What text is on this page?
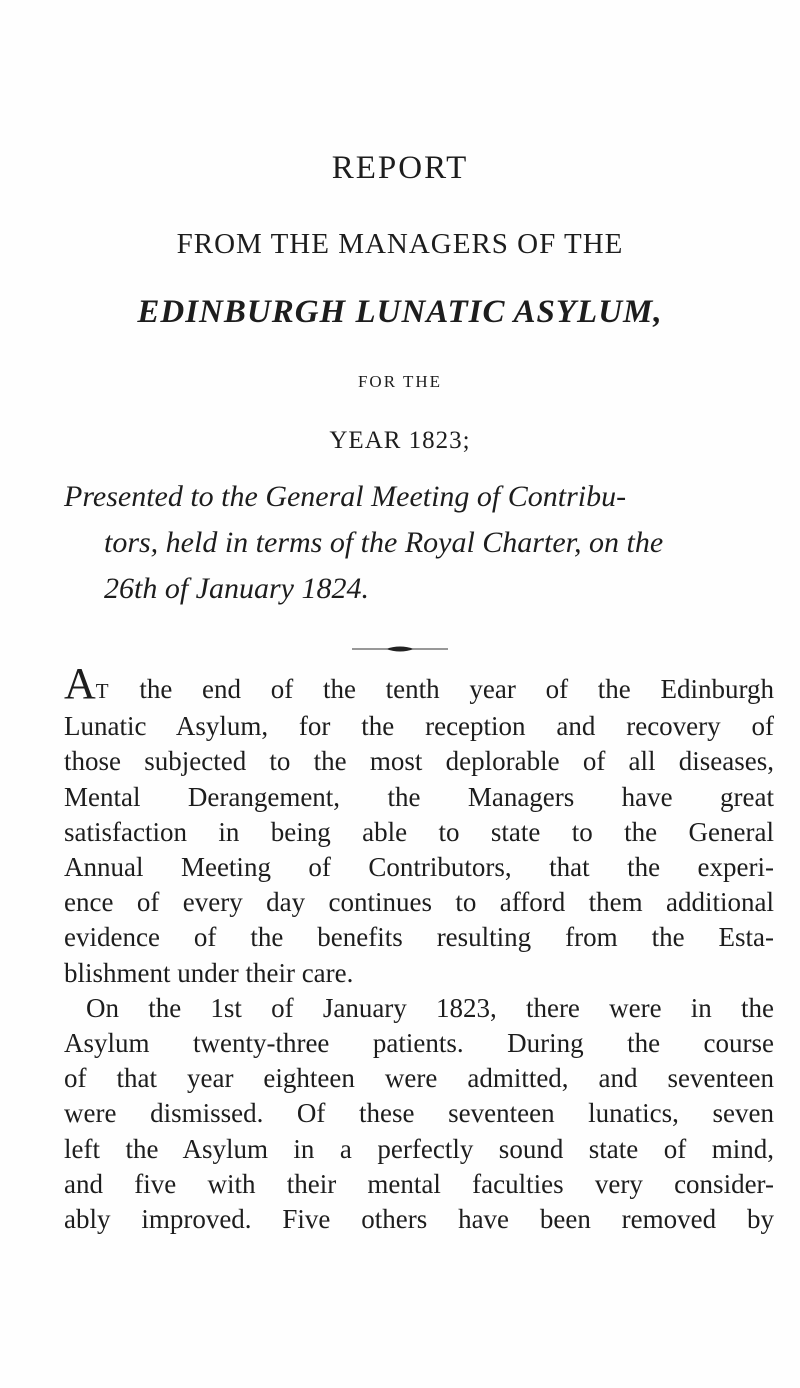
REPORT
FROM THE MANAGERS OF THE
EDINBURGH LUNATIC ASYLUM,
FOR THE
YEAR 1823;
Presented to the General Meeting of Contribu-
tors, held in terms of the Royal Charter, on the
26th of January 1824.
AT the end of the tenth year of the Edinburgh
Lunatic Asylum, for the reception and recovery of
those subjected to the most deplorable of all diseases,
Mental Derangement, the Managers have great
satisfaction in being able to state to the General
Annual Meeting of Contributors, that the experi-
ence of every day continues to afford them additional
evidence of the benefits resulting from the Esta-
blishment under their care.
On the 1st of January 1823, there were in the
Asylum twenty-three patients. During the course
of that year eighteen were admitted, and seventeen
were dismissed. Of these seventeen lunatics, seven
left the Asylum in a perfectly sound state of mind,
and five with their mental faculties very consider-
ably improved. Five others have been removed by
